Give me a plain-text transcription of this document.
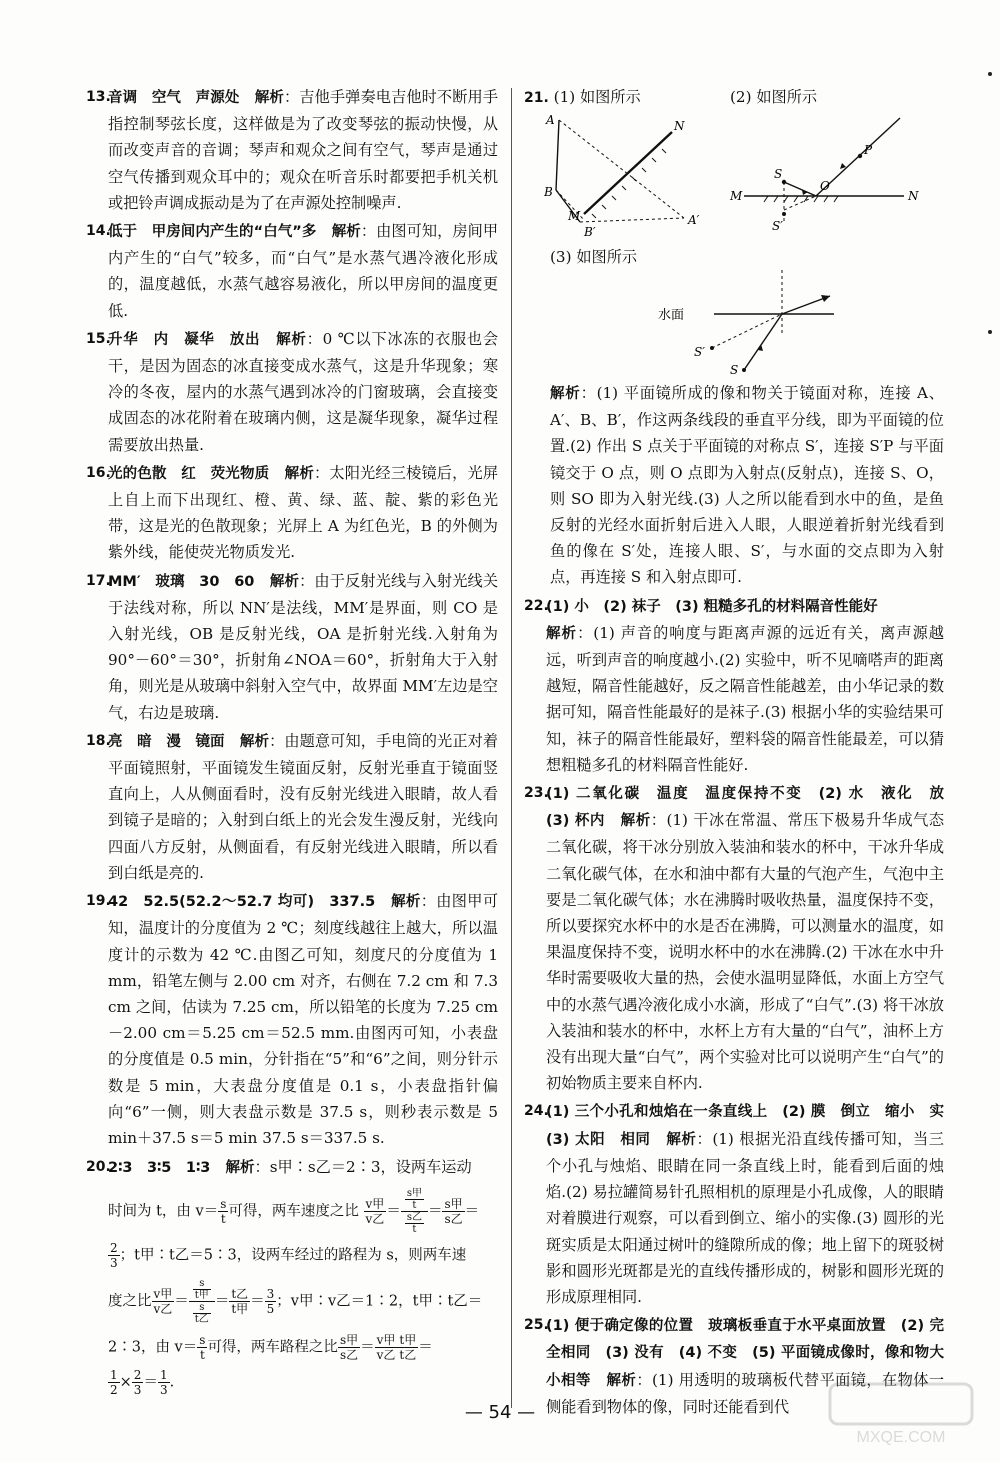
13.
音调　空气　声源处　 解析：吉他手弹奏电吉他时不断用手指控制琴弦长度，这样做是为了改变琴弦的振动快慢，从而改变声音的音调；琴声和观众之间有空气，琴声是通过空气传播到观众耳中的；观众在听音乐时都要把手机关机或把铃声调成振动是为了在声源处控制噪声.
14.
低于　甲房间内产生的“白气”多　 解析：由图可知，房间甲内产生的“白气”较多，而“白气”是水蒸气遇冷液化形成的，温度越低，水蒸气越容易液化，所以甲房间的温度更低.
15.
升华　内　凝华　放出　 解析：0 ℃以下冰冻的衣服也会干，是因为固态的冰直接变成水蒸气，这是升华现象；寒冷的冬夜，屋内的水蒸气遇到冰冷的门窗玻璃，会直接变成固态的冰花附着在玻璃内侧，这是凝华现象，凝华过程需要放出热量.
16.
光的色散　红　荧光物质　 解析：太阳光经三棱镜后，光屏上自上而下出现红、橙、黄、绿、蓝、靛、紫的彩色光带，这是光的色散现象；光屏上 A 为红色光，B 的外侧为紫外线，能使荧光物质发光.
17.
MM′　玻璃　30　60　 解析：由于反射光线与入射光线关于法线对称，所以 NN′是法线，MM′是界面，则 CO 是入射光线，OB 是反射光线，OA 是折射光线.入射角为 90°－60°＝30°，折射角∠NOA＝60°，折射角大于入射角，则光是从玻璃中斜射入空气中，故界面 MM′左边是空气，右边是玻璃.
18.
亮　暗　漫　镜面　 解析：由题意可知，手电筒的光正对着平面镜照射，平面镜发生镜面反射，反射光垂直于镜面竖直向上，人从侧面看时，没有反射光线进入眼睛，故人看到镜子是暗的；入射到白纸上的光会发生漫反射，光线向四面八方反射，从侧面看，有反射光线进入眼睛，所以看到白纸是亮的.
19.
42　52.5(52.2～52.7 均可)　337.5　 解析：由图甲可知，温度计的分度值为 2 ℃；刻度线越往上越大，所以温度计的示数为 42 ℃.由图乙可知，刻度尺的分度值为 1 mm，铅笔左侧与 2.00 cm 对齐，右侧在 7.2 cm 和 7.3 cm 之间，估读为 7.25 cm，所以铅笔的长度为 7.25 cm－2.00 cm＝5.25 cm＝52.5 mm.由图丙可知，小表盘的分度值是 0.5 min，分针指在“5”和“6”之间，则分针示数是 5 min，大表盘分度值是 0.1 s，小表盘指针偏向“6”一侧，则大表盘示数是 37.5 s，则秒表示数是 5 min＋37.5 s＝5 min 37.5 s＝337.5 s.
20.
2∶3　3∶5　1∶3　 解析：s甲∶s乙＝2∶3，设两车运动
时间为 t，由 $v= \frac{s}{t}$ 可得，两车速度之比 $\frac{\text{v甲}}{\text{v乙}} = s$甲
t
s乙
$t = \frac{\text{s甲}}{\text{s乙}}$ ＝
$\frac{2}{3}$ ；t甲∶t乙＝5∶3，设两车经过的路程为 s，则两车速
度之比 $\frac{\text{v甲}}{\text{v乙}} = s$
t甲
s
t乙 ＝ $\frac{\text{t乙}}{\text{t甲}} = \frac{3}{5}$ ；v甲∶v乙＝1∶2，t甲∶t乙＝
2∶3，由 $v= \frac{s}{t}$ 可得，两车路程之比 $\frac{\text{s甲}}{\text{s乙}} = \frac{\text{v甲}}{\text{v乙}} \frac{\text{t甲}}{\text{t乙}}$ ＝
$\frac{1}{2} \times \frac{2}{3} = \frac{1}{3}$ .
21. (1) 如图所示	(2) 如图所示
A	N
B
M
B′
A′
S
O
P
M	N
S′
(3) 如图所示
水面
S′
S
解析：(1) 平面镜所成的像和物关于镜面对称，连接 A、A′、B、B′，作这两条线段的垂直平分线，即为平面镜的位置.(2) 作出 S 点关于平面镜的对称点 S′，连接 S′P 与平面镜交于 O 点，则 O 点即为入射点(反射点)，连接 S、O，则 SO 即为入射光线.(3) 人之所以能看到水中的鱼，是鱼反射的光经水面折射后进入人眼，人眼逆着折射光线看到鱼的像在 S′处，连接人眼、S′，与水面的交点即为入射点，再连接 S 和入射点即可.
22.
(1) 小　(2) 袜子　(3) 粗糙多孔的材料隔音性能好
解析：(1) 声音的响度与距离声源的远近有关，离声源越远，听到声音的响度越小.(2) 实验中，听不见嘀嗒声的距离越短，隔音性能越好，反之隔音性能越差，由小华记录的数据可知，隔音性能最好的是袜子.(3) 根据小华的实验结果可知，袜子的隔音性能最好，塑料袋的隔音性能最差，可以猜想粗糙多孔的材料隔音性能好.
23.
(1) 二氧化碳　温度　温度保持不变　(2) 水　液化　放　(3) 杯内　 解析：(1) 干冰在常温、常压下极易升华成气态二氧化碳，将干冰分别放入装油和装水的杯中，干冰升华成二氧化碳气体，在水和油中都有大量的气泡产生，气泡中主要是二氧化碳气体；水在沸腾时吸收热量，温度保持不变，所以要探究水杯中的水是否在沸腾，可以测量水的温度，如果温度保持不变，说明水杯中的水在沸腾.(2) 干冰在水中升华时需要吸收大量的热，会使水温明显降低，水面上方空气中的水蒸气遇冷液化成小水滴，形成了“白气”.(3) 将干冰放入装油和装水的杯中，水杯上方有大量的“白气”，油杯上方没有出现大量“白气”，两个实验对比可以说明产生“白气”的初始物质主要来自杯内.
24.
(1) 三个小孔和烛焰在一条直线上　(2) 膜　倒立　缩小　实　(3) 太阳　相同　 解析：(1) 根据光沿直线传播可知，当三个小孔与烛焰、眼睛在同一条直线上时，能看到后面的烛焰.(2) 易拉罐简易针孔照相机的原理是小孔成像，人的眼睛对着膜进行观察，可以看到倒立、缩小的实像.(3) 圆形的光斑实质是太阳通过树叶的缝隙所成的像；地上留下的斑驳树影和圆形光斑都是光的直线传播形成的，树影和圆形光斑的形成原理相同.
25.
(1) 便于确定像的位置　玻璃板垂直于水平桌面放置　(2) 完全相同　(3) 没有　(4) 不变　(5) 平面镜成像时，像和物大小相等　 解析：(1) 用透明的玻璃板代替平面镜，在物体一侧能看到物体的像，同时还能看到代
— 54 —
MXQE.COM
